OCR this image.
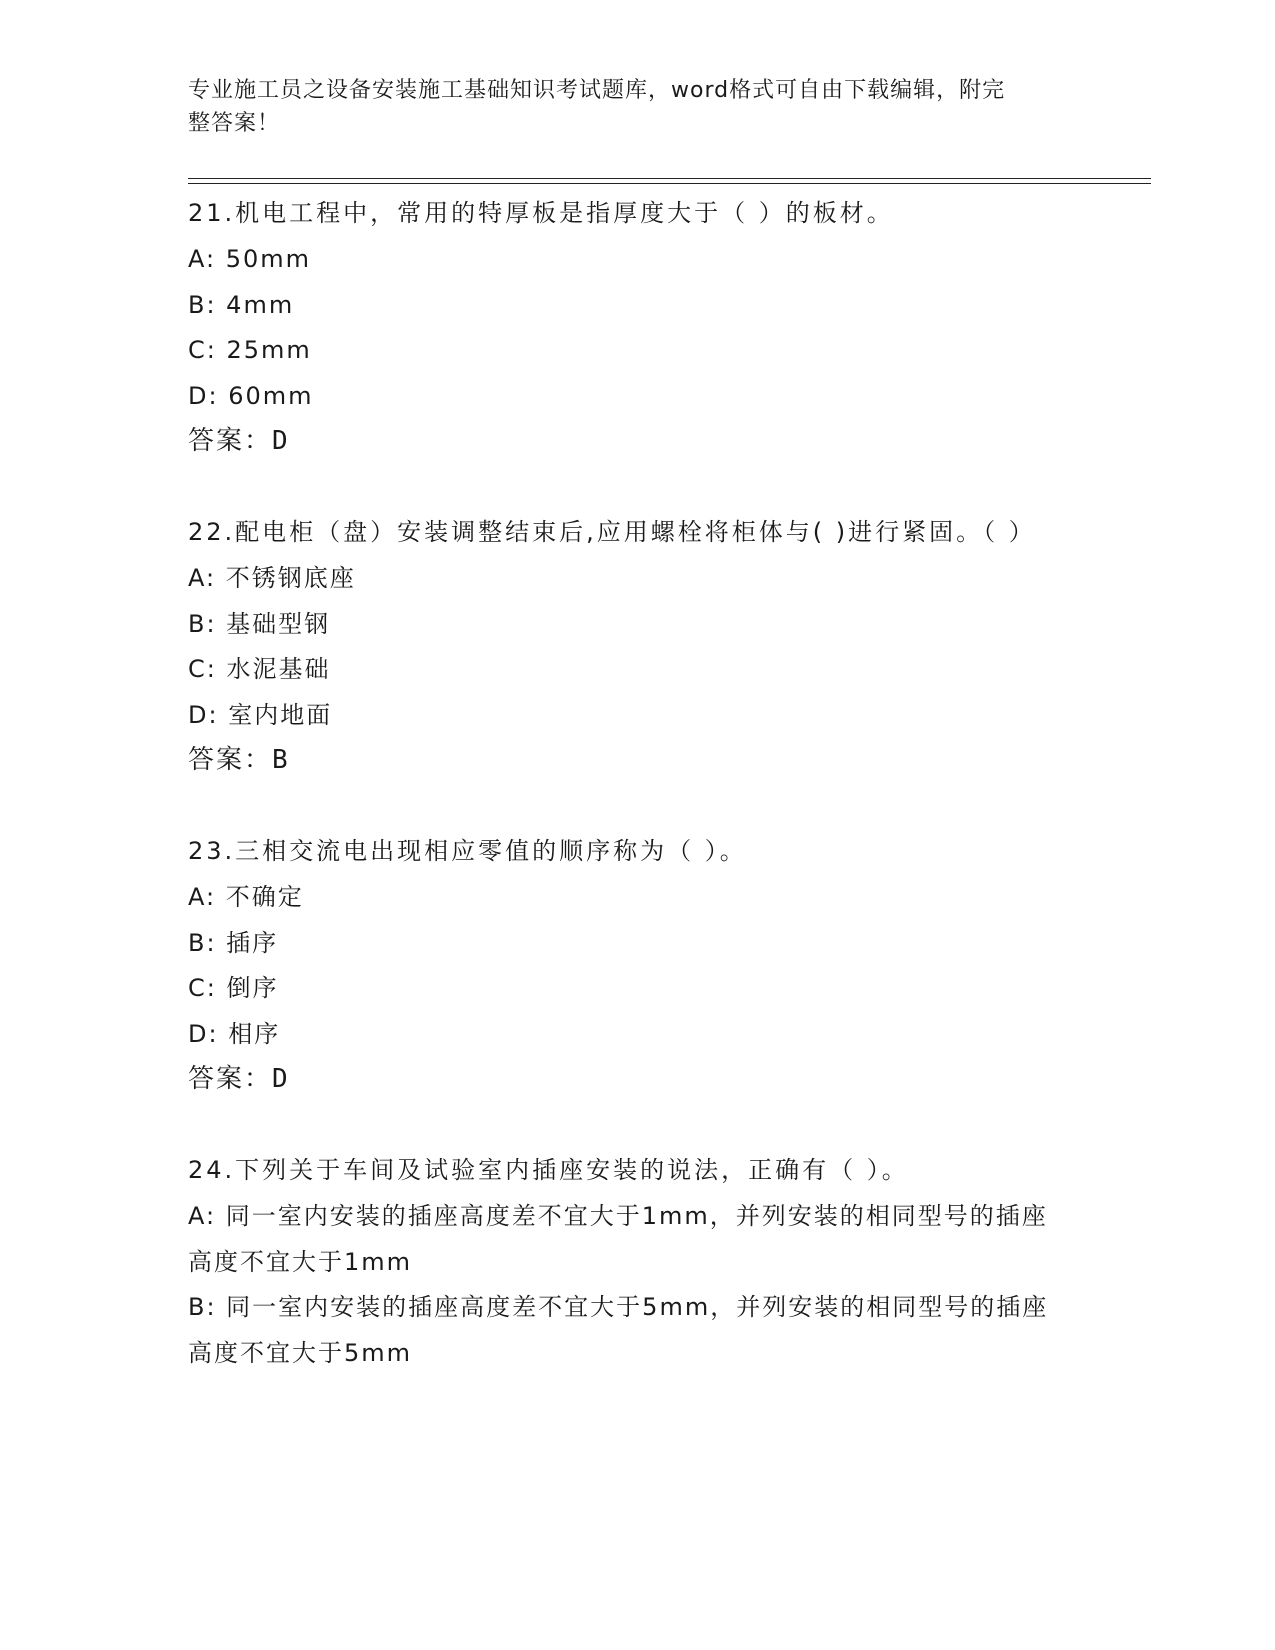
专业施工员之设备安装施工基础知识考试题库，word格式可自由下载编辑，附完
整答案！
21.机电工程中，常用的特厚板是指厚度大于（ ）的板材。
A: 50mm
B: 4mm
C: 25mm
D: 60mm
答案：D
22.配电柜（盘）安装调整结束后,应用螺栓将柜体与( )进行紧固。（ ）
A: 不锈钢底座
B: 基础型钢
C: 水泥基础
D: 室内地面
答案：B
23.三相交流电出现相应零值的顺序称为（ ）。
A: 不确定
B: 插序
C: 倒序
D: 相序
答案：D
24.下列关于车间及试验室内插座安装的说法，正确有（ ）。
A: 同一室内安装的插座高度差不宜大于1mm，并列安装的相同型号的插座高度不宜大于1mm
B: 同一室内安装的插座高度差不宜大于5mm，并列安装的相同型号的插座高度不宜大于5mm
